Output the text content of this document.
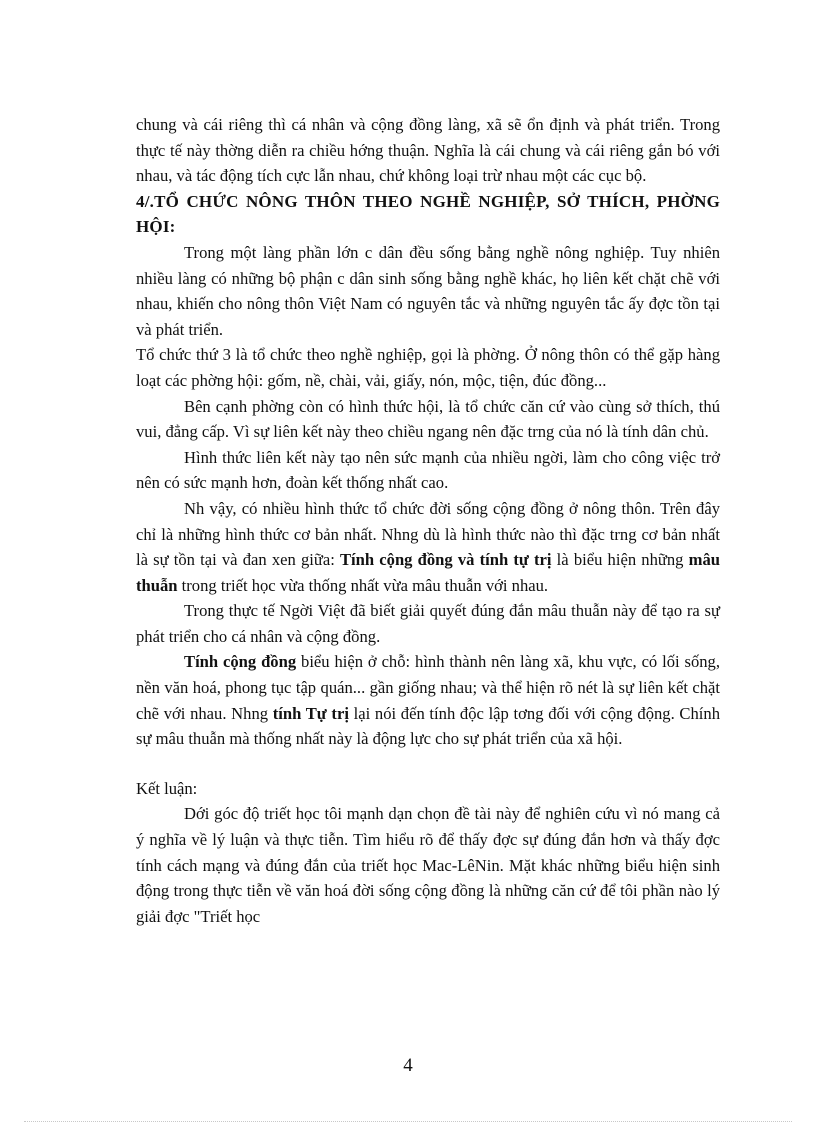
chung và cái riêng thì cá nhân và cộng đồng làng, xã sẽ ổn định và phát triển. Trong thực tế này thờng diễn ra chiều hớng thuận. Nghĩa là cái chung và cái riêng gắn bó với nhau, và tác động tích cực lẫn nhau, chứ không loại trừ nhau một các cục bộ.

4/.TỔ CHỨC NÔNG THÔN THEO NGHỀ NGHIỆP, SỞ THÍCH, PHỜNG HỘI:

Trong một làng phần lớn c dân đều sống bằng nghề nông nghiệp. Tuy nhiên nhiều làng có những bộ phận c dân sinh sống bằng nghề khác, họ liên kết chặt chẽ với nhau, khiến cho nông thôn Việt Nam có nguyên tắc và những nguyên tắc ấy đợc tồn tại và phát triển.

Tổ chức thứ 3 là tổ chức theo nghề nghiệp, gọi là phờng. Ở nông thôn có thể gặp hàng loạt các phờng hội: gốm, nề, chài, vải, giấy, nón, mộc, tiện, đúc đồng...

Bên cạnh phờng còn có hình thức hội, là tổ chức căn cứ vào cùng sở thích, thú vui, đẳng cấp. Vì sự liên kết này theo chiều ngang nên đặc trng của nó là tính dân chủ.

Hình thức liên kết này tạo nên sức mạnh của nhiều ngời, làm cho công việc trở nên có sức mạnh hơn, đoàn kết thống nhất cao.

Nh vậy, có nhiều hình thức tổ chức đời sống cộng đồng ở nông thôn. Trên đây chỉ là những hình thức cơ bản nhất. Nhng dù là hình thức nào thì đặc trng cơ bản nhất là sự tồn tại và đan xen giữa: Tính cộng đồng và tính tự trị là biểu hiện những mâu thuẫn trong triết học vừa thống nhất vừa mâu thuẫn với nhau.

Trong thực tế Ngời Việt đã biết giải quyết đúng đắn mâu thuẫn này để tạo ra sự phát triển cho cá nhân và cộng đồng.

Tính cộng đồng biểu hiện ở chỗ: hình thành nên làng xã, khu vực, có lối sống, nền văn hoá, phong tục tập quán... gần giống nhau; và thể hiện rõ nét là sự liên kết chặt chẽ với nhau. Nhng tính Tự trị lại nói đến tính độc lập tơng đối với cộng động. Chính sự mâu thuẫn mà thống nhất này là động lực cho sự phát triển của xã hội.

Kết luận:

Dới góc độ triết học tôi mạnh dạn chọn đề tài này để nghiên cứu vì nó mang cả ý nghĩa về lý luận và thực tiễn. Tìm hiểu rõ để thấy đợc sự đúng đắn hơn và thấy đợc tính cách mạng và đúng đắn của triết học Mac-LêNin. Mặt khác những biểu hiện sinh động trong thực tiễn về văn hoá đời sống cộng đồng là những căn cứ để tôi phần nào lý giải đợc "Triết học

4
